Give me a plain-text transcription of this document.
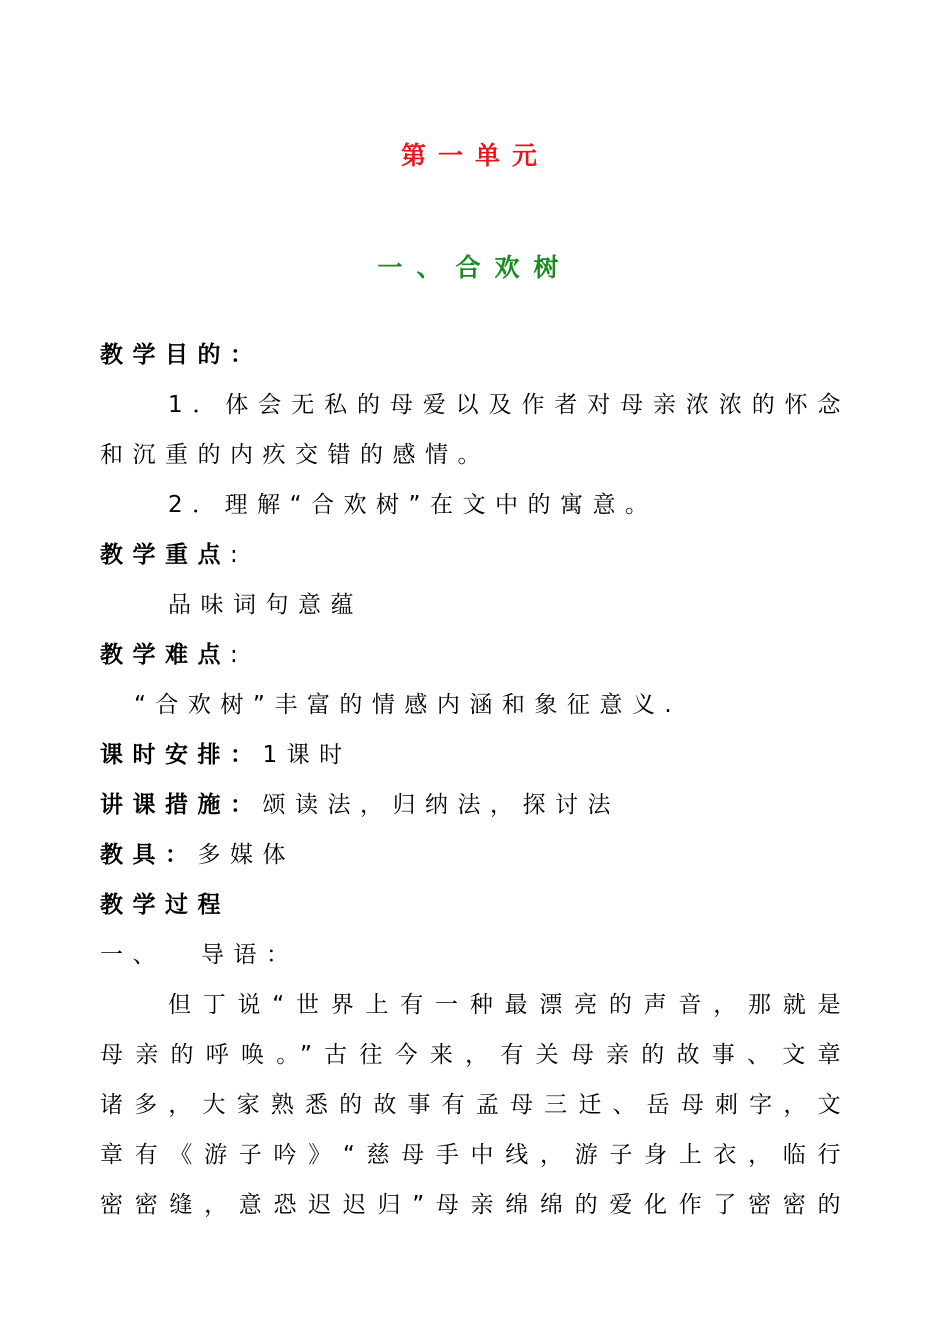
第一单元
一、合欢树
教学目的：
1．体会无私的母爱以及作者对母亲浓浓的怀念
和沉重的内疚交错的感情。
2．理解“合欢树”在文中的寓意。
教学重点:
品味词句意蕴
教学难点:
“合欢树”丰富的情感内涵和象征意义.
课时安排：1课时
讲课措施：颂读法，归纳法，探讨法
教具：多媒体
教学过程
一、 导语：
但丁说“世界上有一种最漂亮的声音，那就是
母亲的呼唤。”古往今来，有关母亲的故事、文章
诸多，大家熟悉的故事有孟母三迁、岳母刺字，文
章有《游子吟》“慈母手中线，游子身上衣，临行
密密缝，意恐迟迟归”母亲绵绵的爱化作了密密的
